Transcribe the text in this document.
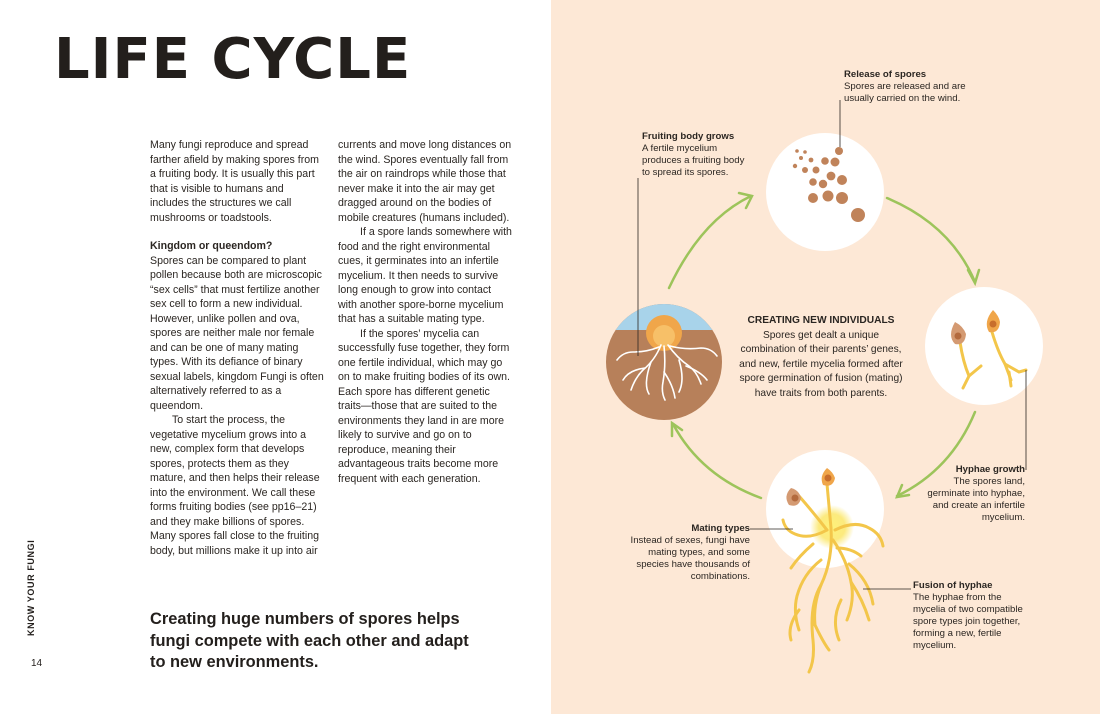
LIFE CYCLE

Many fungi reproduce and spread farther afield by making spores from a fruiting body. It is usually this part that is visible to humans and includes the structures we call mushrooms or toadstools.

Kingdom or queendom?

Spores can be compared to plant pollen because both are microscopic “sex cells” that must fertilize another sex cell to form a new individual. However, unlike pollen and ova, spores are neither male nor female and can be one of many mating types. With its defiance of binary sexual labels, kingdom Fungi is often alternatively referred to as a queendom.

To start the process, the vegetative mycelium grows into a new, complex form that develops spores, protects them as they mature, and then helps their release into the environment. We call these forms fruiting bodies (see pp16–21) and they make billions of spores. Many spores fall close to the fruiting body, but millions make it up into air

currents and move long distances on the wind. Spores eventually fall from the air on raindrops while those that never make it into the air may get dragged around on the bodies of mobile creatures (humans included).

If a spore lands somewhere with food and the right environmental cues, it germinates into an infertile mycelium. It then needs to survive long enough to grow into contact with another spore-borne mycelium that has a suitable mating type.

If the spores’ mycelia can successfully fuse together, they form one fertile individual, which may go on to make fruiting bodies of its own. Each spore has different genetic traits—those that are suited to the environments they land in are more likely to survive and go on to reproduce, meaning their advantageous traits become more frequent with each generation.

Creating huge numbers of spores helps fungi compete with each other and adapt to new environments.

KNOW YOUR FUNGI
14
CREATING NEW INDIVIDUALS
Spores get dealt a unique combination of their parents’ genes, and new, fertile mycelia formed after spore germination of fusion (mating) have traits from both parents.
Release of spores
Spores are released and are usually carried on the wind.
Fruiting body grows
A fertile mycelium produces a fruiting body to spread its spores.
Hyphae growth
The spores land, germinate into hyphae, and create an infertile mycelium.
Mating types
Instead of sexes, fungi have mating types, and some species have thousands of combinations.
Fusion of hyphae
The hyphae from the mycelia of two compatible spore types join together, forming a new, fertile mycelium.
